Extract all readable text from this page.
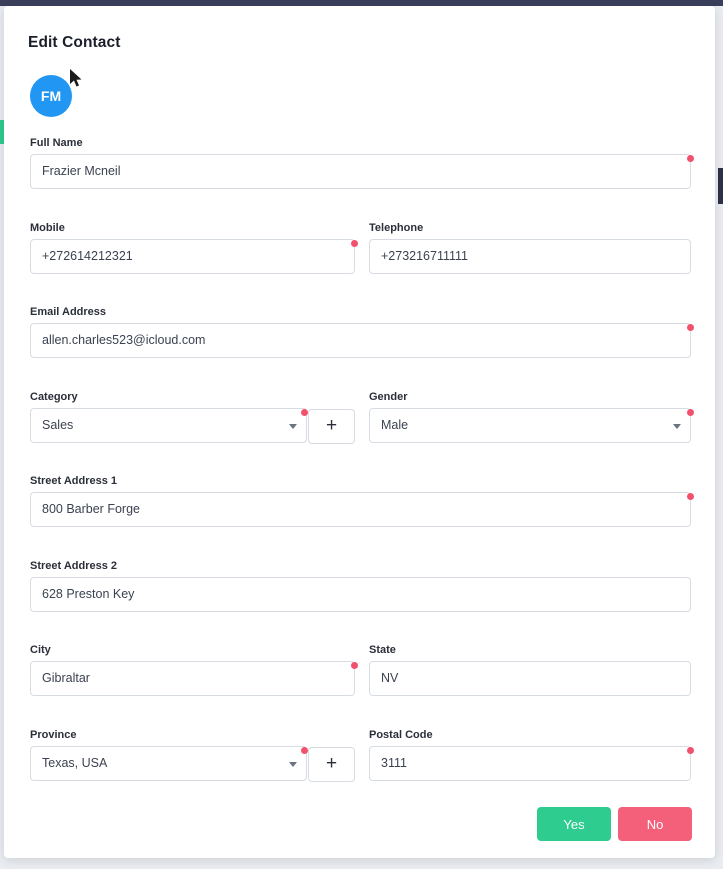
Edit Contact
FM
Full Name
Frazier Mcneil
Mobile
+272614212321
Telephone
+273216711111
Email Address
allen.charles523@icloud.com
Category
Sales	+
Gender
Male
Street Address 1
800 Barber Forge
Street Address 2
628 Preston Key
City
Gibraltar
State
NV
Province
Texas, USA	+
Postal Code
3111
Yes	No
